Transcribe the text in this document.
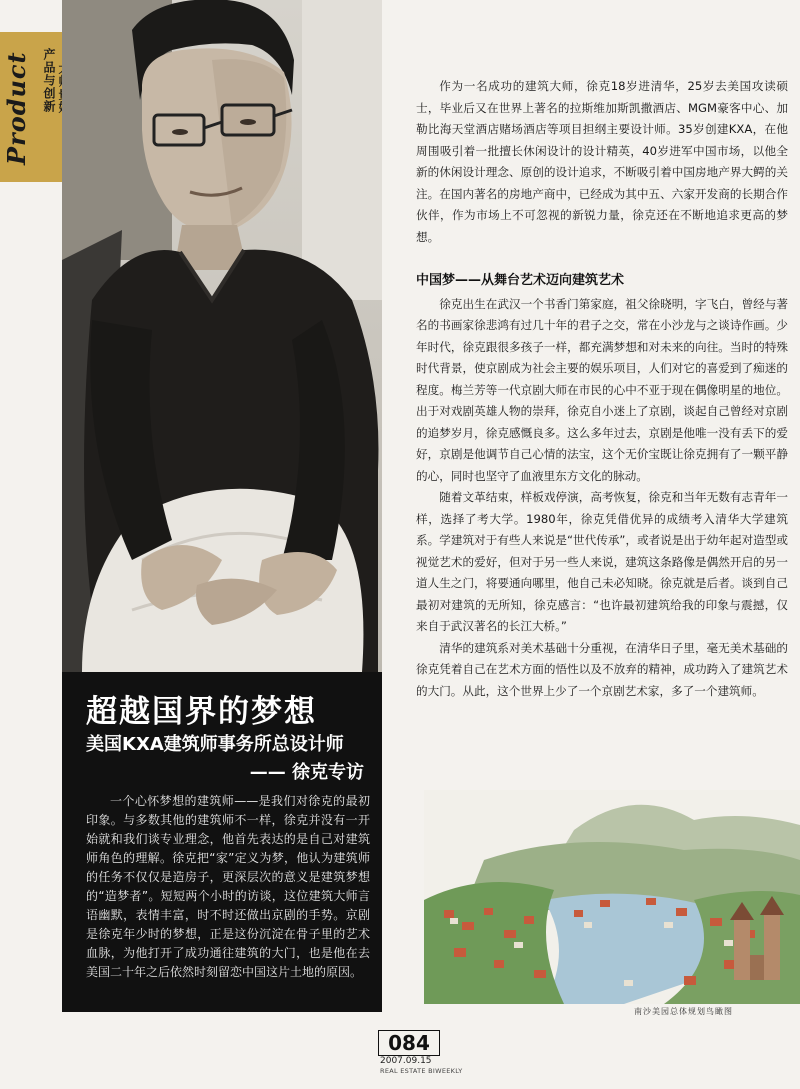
Product 产品与创新
超越国界的梦想
美国KXA建筑师事务所总设计师
—— 徐克专访
一个心怀梦想的建筑师——是我们对徐克的最初印象。与多数其他的建筑师不一样，徐克并没有一开始就和我们谈专业理念，他首先表达的是自己对建筑师角色的理解。徐克把“家”定义为梦，他认为建筑师的任务不仅仅是造房子，更深层次的意义是建筑梦想的“造梦者”。短短两个小时的访谈，这位建筑大师言语幽默，表情丰富，时不时还做出京剧的手势。京剧是徐克年少时的梦想，正是这份沉淀在骨子里的艺术血脉，为他打开了成功通往建筑的大门，也是他在去美国二十年之后依然时刻留恋中国这片土地的原因。

作为一名成功的建筑大师，徐克18岁进清华，25岁去美国攻读硕士，毕业后又在世界上著名的拉斯维加斯凯撒酒店、MGM豪客中心、加勒比海天堂酒店赌场酒店等项目担纲主要设计师。35岁创建KXA，在他周围吸引着一批擅长休闲设计的设计精英，40岁进军中国市场，以他全新的休闲设计理念、原创的设计追求，不断吸引着中国房地产界大鳄的关注。在国内著名的房地产商中，已经成为其中五、六家开发商的长期合作伙伴，作为市场上不可忽视的新锐力量，徐克还在不断地追求更高的梦想。

中国梦——从舞台艺术迈向建筑艺术

徐克出生在武汉一个书香门第家庭，祖父徐晓明，字飞白，曾经与著名的书画家徐悲鸿有过几十年的君子之交，常在小沙龙与之谈诗作画。少年时代，徐克跟很多孩子一样，都充满梦想和对未来的向往。当时的特殊时代背景，使京剧成为社会主要的娱乐项目，人们对它的喜爱到了痴迷的程度。梅兰芳等一代京剧大师在市民的心中不亚于现在偶像明星的地位。出于对戏剧英雄人物的崇拜，徐克自小迷上了京剧，谈起自己曾经对京剧的追梦岁月，徐克感慨良多。这么多年过去，京剧是他唯一没有丢下的爱好，京剧是他调节自己心情的法宝，这个无价宝既让徐克拥有了一颗平静的心，同时也坚守了血液里东方文化的脉动。

随着文革结束，样板戏停演，高考恢复，徐克和当年无数有志青年一样，选择了考大学。1980年，徐克凭借优异的成绩考入清华大学建筑系。学建筑对于有些人来说是“世代传承”，或者说是出于幼年起对造型或视觉艺术的爱好，但对于另一些人来说，建筑这条路像是偶然开启的另一道人生之门，将要通向哪里，他自己未必知晓。徐克就是后者。谈到自己最初对建筑的无所知，徐克感言：“也许最初建筑给我的印象与震撼，仅来自于武汉著名的长江大桥。”

清华的建筑系对美术基础十分重视，在清华日子里，毫无美术基础的徐克凭着自己在艺术方面的悟性以及不放弃的精神，成功跨入了建筑艺术的大门。从此，这个世界上少了一个京剧艺术家，多了一个建筑师。

南沙美园总体规划鸟瞰图
084
2007.09.15
REAL ESTATE BIWEEKLY
